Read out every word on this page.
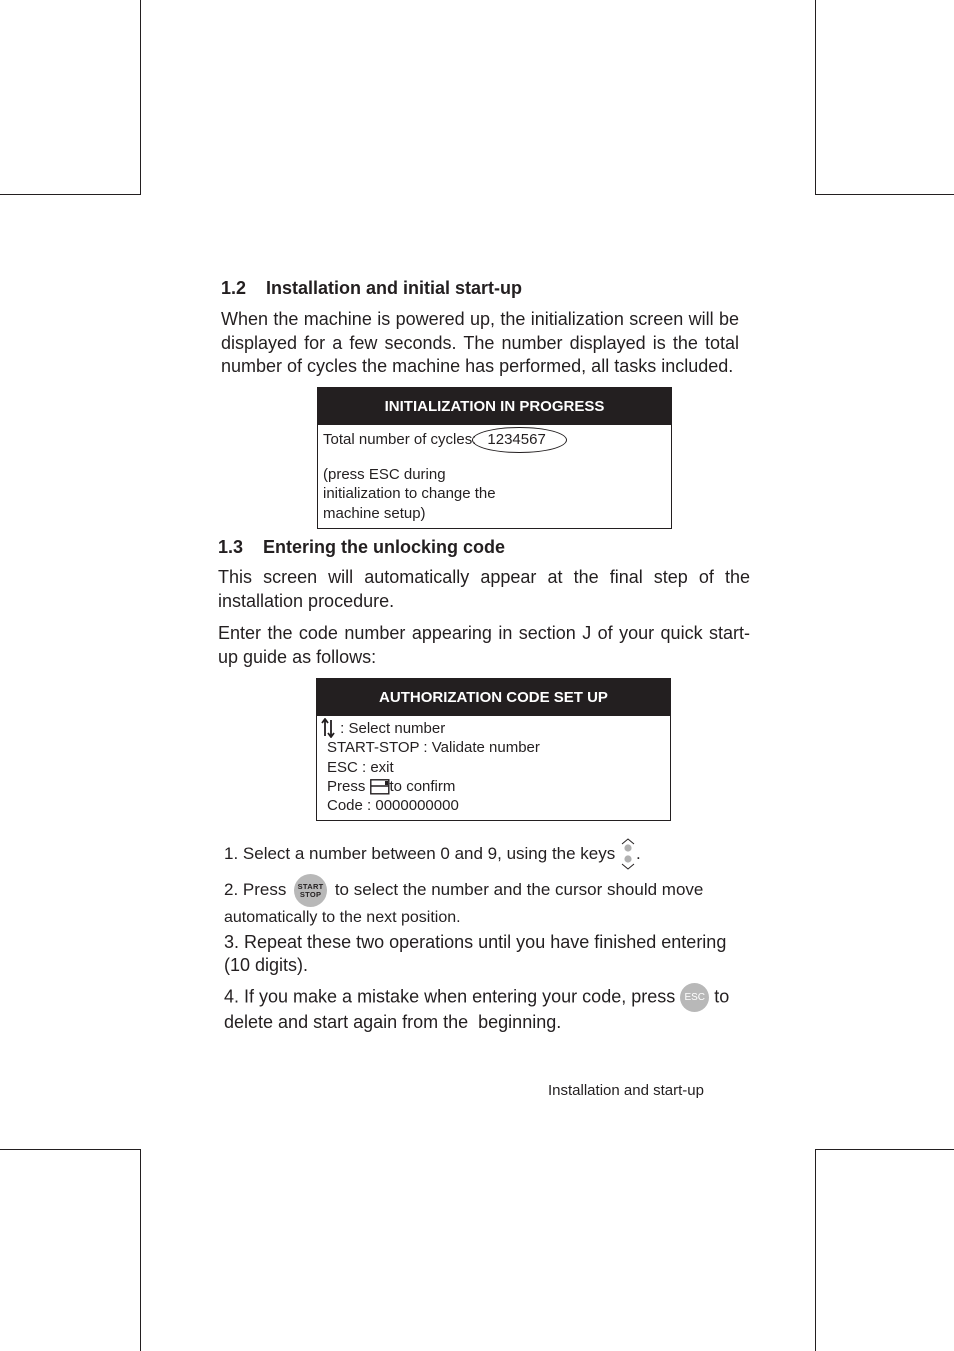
1.2 Installation and initial start-up
When the machine is powered up, the initialization screen will be displayed for a few seconds. The number displayed is the total number of cycles the machine has performed, all tasks included.
INITIALIZATION IN PROGRESS
Total number of cycles: 1234567
(press ESC during
initialization to change the
machine setup)
1.3 Entering the unlocking code
This screen will automatically appear at the final step of the installation procedure.
Enter the code number appearing in section J of your quick start-up guide as follows:
AUTHORIZATION CODE SET UP
: Select number
START-STOP : Validate number
ESC : exit
Press to confirm
Code : 0000000000
1. Select a number between 0 and 9, using the keys .
2. Press	START
STOP to select the number and the cursor should move
automatically to the next position.
3. Repeat these two operations until you have finished entering (10 digits).
4. If you make a mistake when entering your code, press ESC to
delete and start again from the  beginning.
Installation and start-up
